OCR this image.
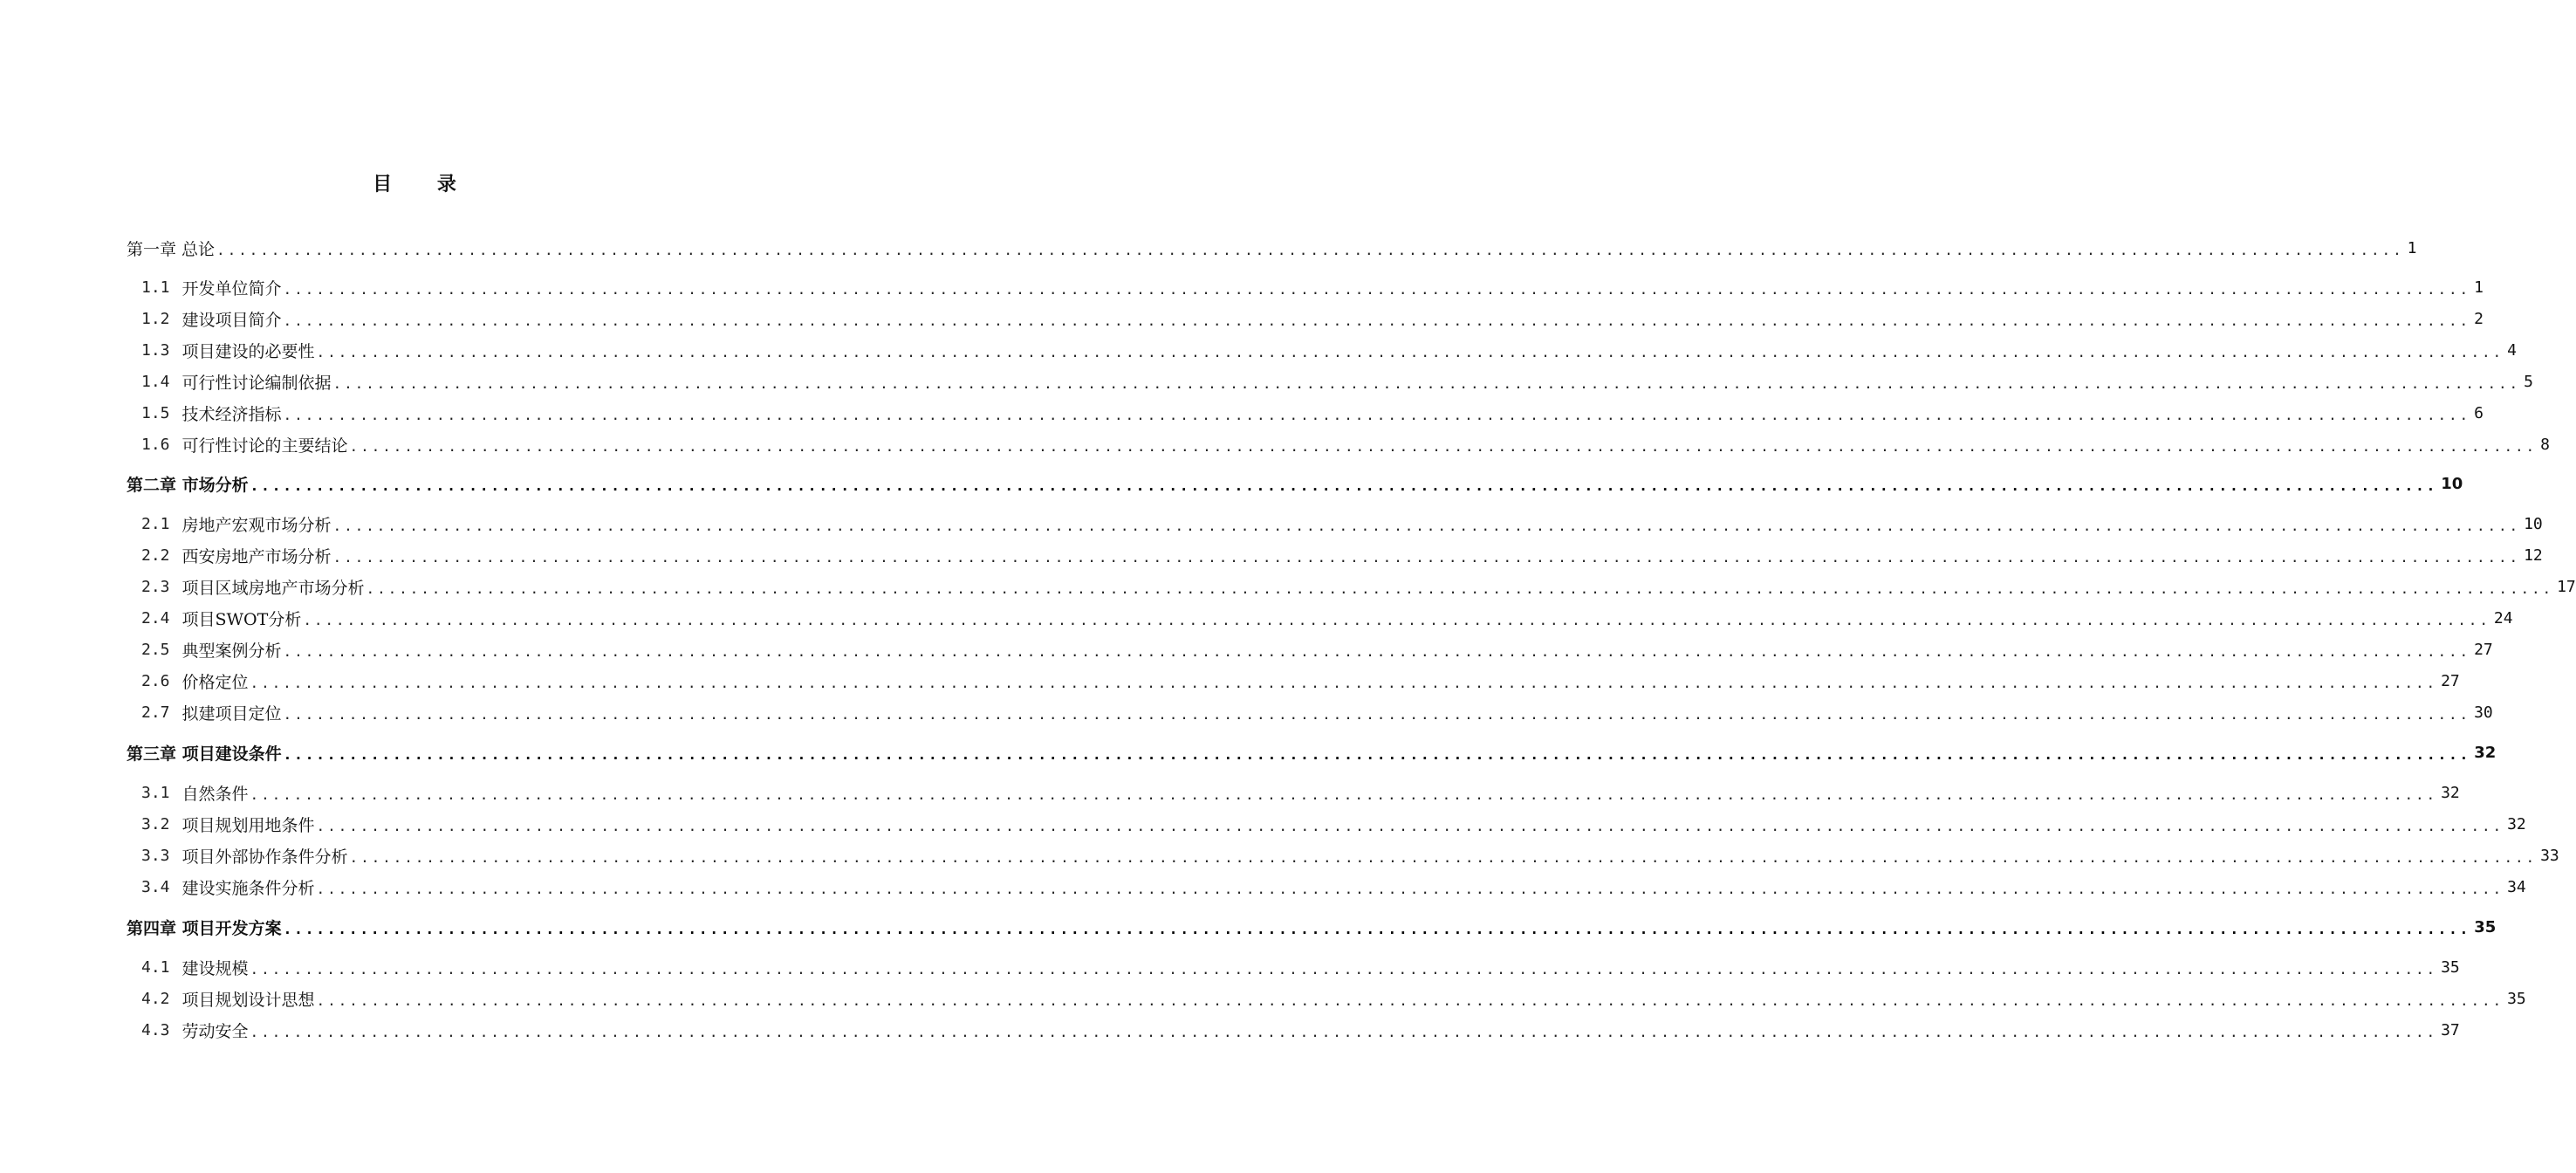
目 录
第一章 总论 ........................................................................................................................................................................................................ 1
1.1 开发单位简介 ........................................................................................................................................................................................................ 1
1.2 建设项目简介 ........................................................................................................................................................................................................ 2
1.3 项目建设的必要性 ........................................................................................................................................................................................................ 4
1.4 可行性讨论编制依据 ........................................................................................................................................................................................................ 5
1.5 技术经济指标 ........................................................................................................................................................................................................ 6
1.6 可行性讨论的主要结论 ........................................................................................................................................................................................................ 8
第二章 市场分析 ........................................................................................................................................................................................................ 10
2.1 房地产宏观市场分析 ........................................................................................................................................................................................................ 10
2.2 西安房地产市场分析 ........................................................................................................................................................................................................ 12
2.3 项目区域房地产市场分析 ........................................................................................................................................................................................................ 17
2.4 项目SWOT分析 ........................................................................................................................................................................................................ 24
2.5 典型案例分析 ........................................................................................................................................................................................................ 27
2.6 价格定位 ........................................................................................................................................................................................................ 27
2.7 拟建项目定位 ........................................................................................................................................................................................................ 30
第三章 项目建设条件 ........................................................................................................................................................................................................ 32
3.1 自然条件 ........................................................................................................................................................................................................ 32
3.2 项目规划用地条件 ........................................................................................................................................................................................................ 32
3.3 项目外部协作条件分析 ........................................................................................................................................................................................................ 33
3.4 建设实施条件分析 ........................................................................................................................................................................................................ 34
第四章 项目开发方案 ........................................................................................................................................................................................................ 35
4.1 建设规模 ........................................................................................................................................................................................................ 35
4.2 项目规划设计思想 ........................................................................................................................................................................................................ 35
4.3 劳动安全 ........................................................................................................................................................................................................ 37
